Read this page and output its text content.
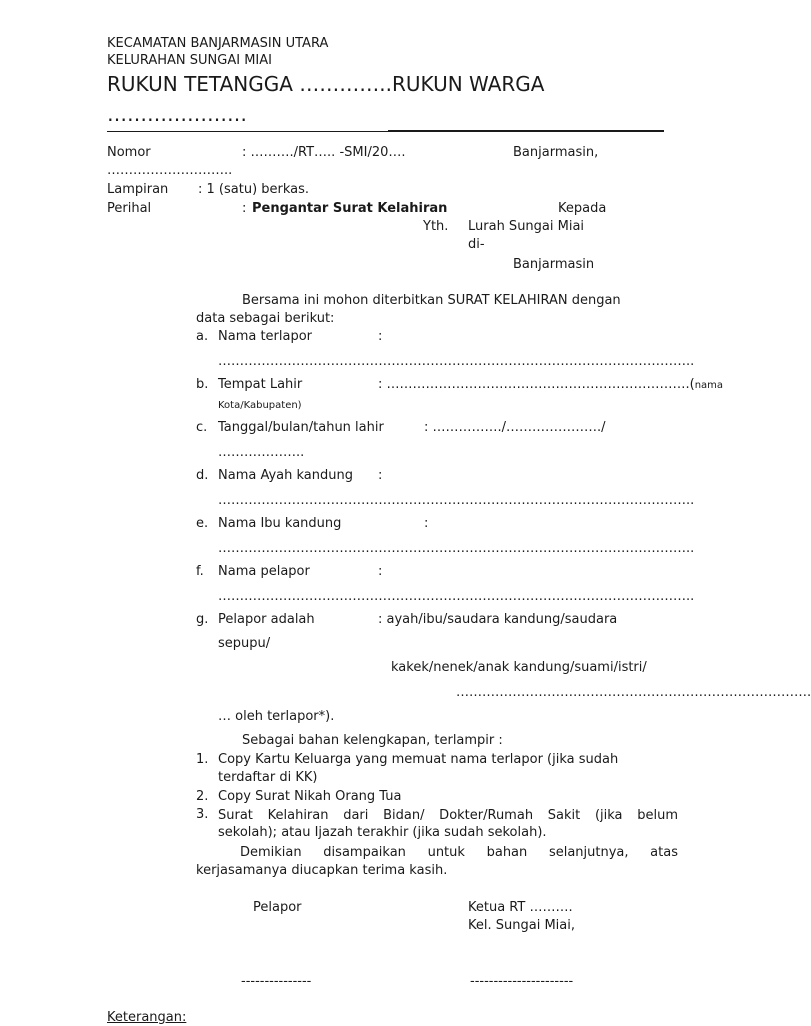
KECAMATAN BANJARMASIN UTARA
KELURAHAN SUNGAI MIAI
RUKUN TETANGGA …………..RUKUN WARGA
…………………
Nomor	: ………./RT….. -SMI/20….	Banjarmasin,
………………………..
Lampiran : 1 (satu) berkas.
Perihal	: Pengantar Surat Kelahiran	Kepada
Yth. Lurah Sungai Miai
di-
Banjarmasin
Bersama ini mohon diterbitkan SURAT KELAHIRAN dengan
data sebagai berikut:
a. Nama terlapor	:
………………………………………………………………………………………………..
b. Tempat Lahir	: …………………………………………………………….(nama
Kota/Kabupaten)
c. Tanggal/bulan/tahun lahir	: ……………./…………………./
………………..
d. Nama Ayah kandung :
………………………………………………………………………………………………..
e. Nama Ibu kandung	:
………………………………………………………………………………………………..
f. Nama pelapor	:
………………………………………………………………………………………………..
g. Pelapor adalah	: ayah/ibu/saudara kandung/saudara
sepupu/
kakek/nenek/anak kandung/suami/istri/
……………………………………………………………………….
… oleh terlapor*).
Sebagai bahan kelengkapan, terlampir :
1. Copy Kartu Keluarga yang memuat nama terlapor (jika sudah
terdaftar di KK)
2. Copy Surat Nikah Orang Tua
3. Surat Kelahiran dari Bidan/ Dokter/Rumah Sakit (jika belum
sekolah); atau Ijazah terakhir (jika sudah sekolah).
Demikian disampaikan untuk bahan selanjutnya, atas
kerjasamanya diucapkan terima kasih.
Pelapor	Ketua RT ……….
Kel. Sungai Miai,
---------------	----------------------
Keterangan:
